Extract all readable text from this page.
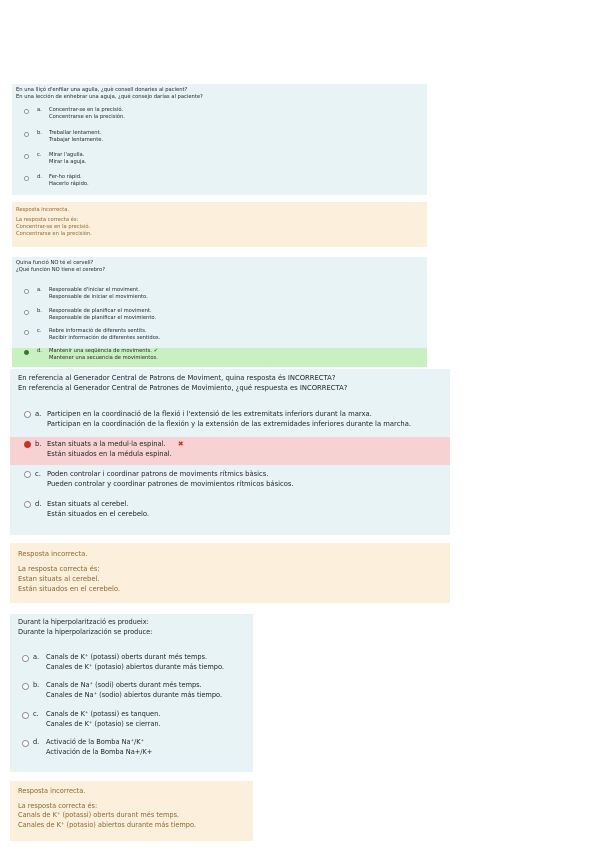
En una lliçó d'enfilar una agulla, ¿què consell donaries al pacient?
En una lección de enhebrar una aguja, ¿qué consejo darías al paciente?
a. Concentrar-se en la precisió.
Concentrarse en la precisión.
b. Treballar lentament.
Trabajar lentamente.
c. Mirar l'agulla.
Mirar la aguja.
d. Fer-ho ràpid.
Hacerlo rápido.
Resposta incorrecta.
La resposta correcta és:
Concentrar-se en la precisió.
Concentrarse en la precisión.
Quina funció NO té el cervell?
¿Qué función NO tiene el cerebro?
a. Responsable d'iniciar el moviment.
Responsable de iniciar el movimiento.
b. Responsable de planificar el moviment.
Responsable de planificar el movimiento.
c. Rebre informació de diferents sentits.
Recibir información de diferentes sentidos.
d. Mantenir una seqüència de moviments. ✔
Mantener una secuencia de movimientos.
En referencia al Generador Central de Patrons de Moviment, quina resposta és INCORRECTA?
En referencia al Generador Central de Patrones de Movimiento, ¿qué respuesta es INCORRECTA?
a. Participen en la coordinació de la flexió i l'extensió de les extremitats inferiors durant la marxa.
Participan en la coordinación de la flexión y la extensión de las extremidades inferiores durante la marcha.
b. Estan situats a la medul·la espinal. ✖
Están situados en la médula espinal.
c. Poden controlar i coordinar patrons de moviments rítmics bàsics.
Pueden controlar y coordinar patrones de movimientos rítmicos básicos.
d. Estan situats al cerebel.
Están situados en el cerebelo.
Resposta incorrecta.
La resposta correcta és:
Estan situats al cerebel.
Están situados en el cerebelo.
Durant la hiperpolarització es produeix:
Durante la hiperpolarización se produce:
a. Canals de K⁺ (potassi) oberts durant més temps.
Canales de K⁺ (potasio) abiertos durante más tiempo.
b. Canals de Na⁺ (sodi) oberts durant més temps.
Canales de Na⁺ (sodio) abiertos durante más tiempo.
c. Canals de K⁺ (potassi) es tanquen.
Canales de K⁺ (potasio) se cierran.
d. Activació de la Bomba Na⁺/K⁺
Activación de la Bomba Na+/K+
Resposta incorrecta.
La resposta correcta és:
Canals de K⁺ (potassi) oberts durant més temps.
Canales de K⁺ (potasio) abiertos durante más tiempo.
